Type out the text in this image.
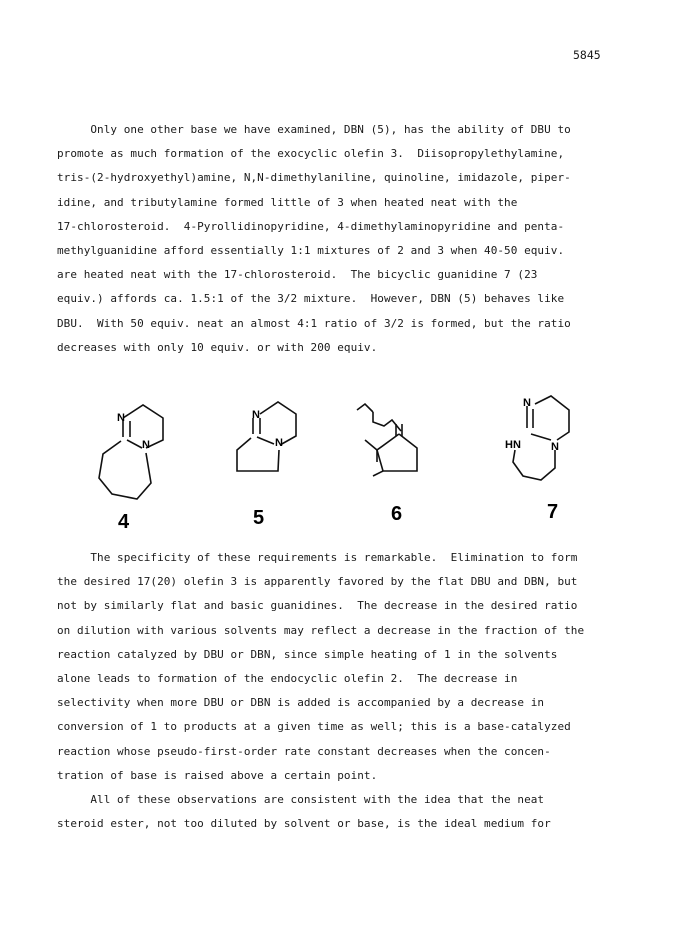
5845
Only one other base we have examined, DBN (5), has the ability of DBU to
promote as much formation of the exocyclic olefin 3.  Diisopropylethylamine,
tris-(2-hydroxyethyl)amine, N,N-dimethylaniline, quinoline, imidazole, piper-
idine, and tributylamine formed little of 3 when heated neat with the
17-chlorosteroid.  4-Pyrollidinopyridine, 4-dimethylaminopyridine and penta-
methylguanidine afford essentially 1:1 mixtures of 2 and 3 when 40-50 equiv.
are heated neat with the 17-chlorosteroid.  The bicyclic guanidine 7 (23
equiv.) affords ca. 1.5:1 of the 3/2 mixture.  However, DBN (5) behaves like
DBU.  With 50 equiv. neat an almost 4:1 ratio of 3/2 is formed, but the ratio
decreases with only 10 equiv. or with 200 equiv.
N
N
4
N
N
5	6
N
HN	N
7
The specificity of these requirements is remarkable.  Elimination to form
the desired 17(20) olefin 3 is apparently favored by the flat DBU and DBN, but
not by similarly flat and basic guanidines.  The decrease in the desired ratio
on dilution with various solvents may reflect a decrease in the fraction of the
reaction catalyzed by DBU or DBN, since simple heating of 1 in the solvents
alone leads to formation of the endocyclic olefin 2.  The decrease in
selectivity when more DBU or DBN is added is accompanied by a decrease in
conversion of 1 to products at a given time as well; this is a base-catalyzed
reaction whose pseudo-first-order rate constant decreases when the concen-
tration of base is raised above a certain point.
All of these observations are consistent with the idea that the neat
steroid ester, not too diluted by solvent or base, is the ideal medium for
